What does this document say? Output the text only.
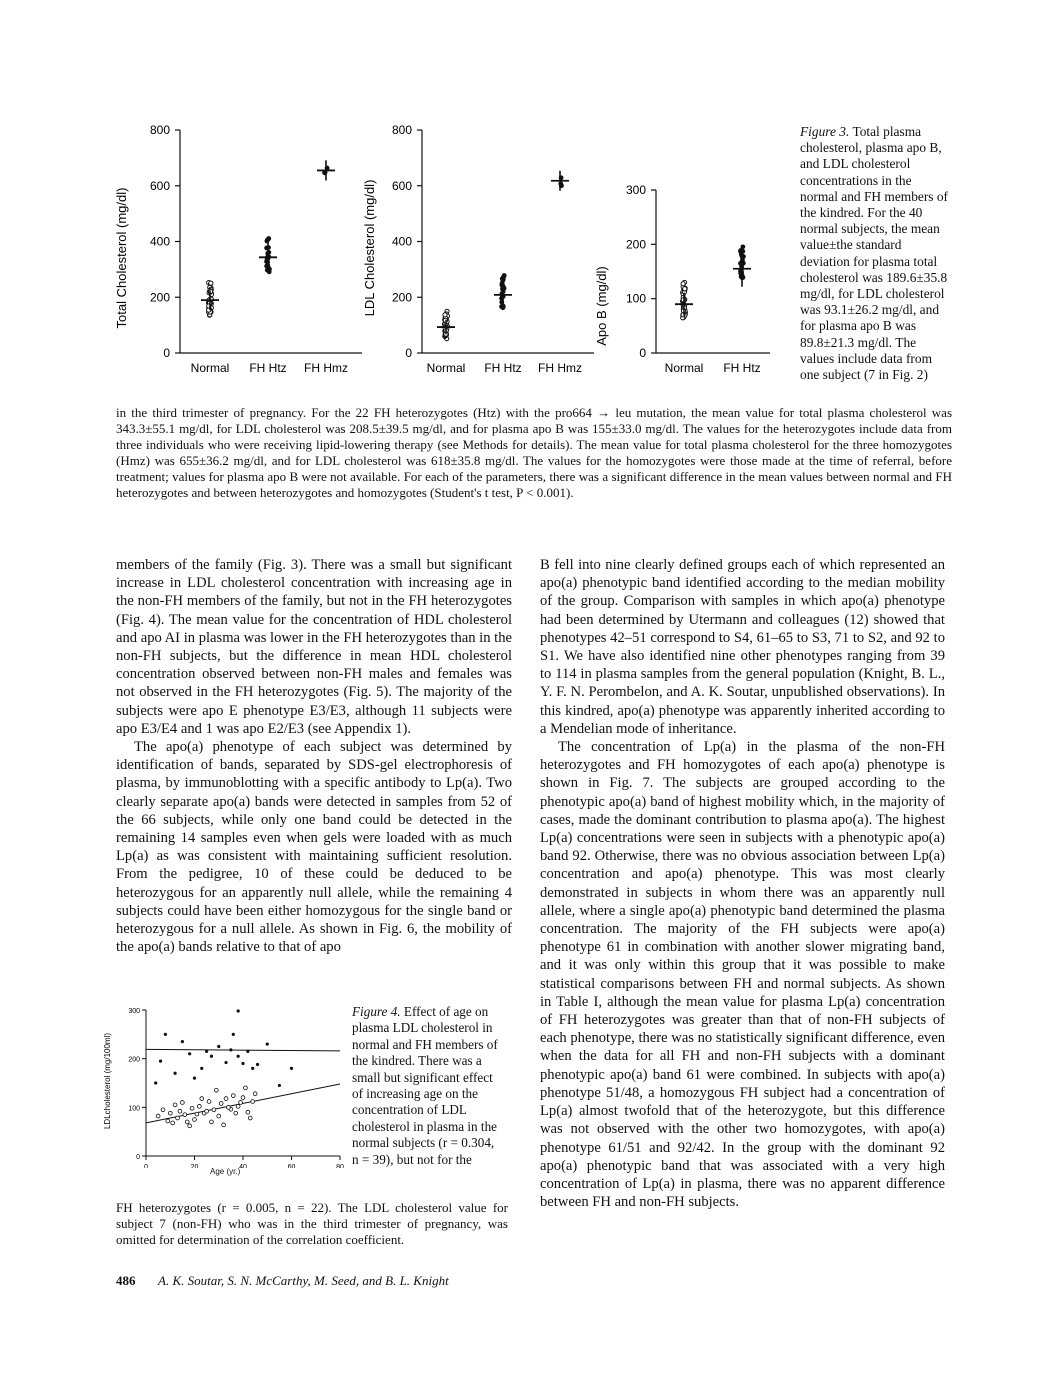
Total Cholesterol (mg/dl)
0
200
400
600
800
Normal FH Htz FH Hmz
LDL Cholesterol (mg/dl)
0
200
400
600
800
Normal FH Htz FH Hmz
Apo B (mg/dl)
0
100
200
300
Normal FH Htz
Figure 3. Total plasma cholesterol, plasma apo B, and LDL cholesterol concentrations in the normal and FH members of the kindred. For the 40 normal subjects, the mean value±the standard deviation for plasma total cholesterol was 189.6±35.8 mg/dl, for LDL cholesterol was 93.1±26.2 mg/dl, and for plasma apo B was 89.8±21.3 mg/dl. The values include data from one subject (7 in Fig. 2)
in the third trimester of pregnancy. For the 22 FH heterozygotes (Htz) with the pro664 → leu mutation, the mean value for total plasma cholesterol was 343.3±55.1 mg/dl, for LDL cholesterol was 208.5±39.5 mg/dl, and for plasma apo B was 155±33.0 mg/dl. The values for the heterozygotes include data from three individuals who were receiving lipid-lowering therapy (see Methods for details). The mean value for total plasma cholesterol for the three homozygotes (Hmz) was 655±36.2 mg/dl, and for LDL cholesterol was 618±35.8 mg/dl. The values for the homozygotes were those made at the time of referral, before treatment; values for plasma apo B were not available. For each of the parameters, there was a significant difference in the mean values between normal and FH heterozygotes and between heterozygotes and homozygotes (Student's t test, P < 0.001).

members of the family (Fig. 3). There was a small but significant increase in LDL cholesterol concentration with increasing age in the non-FH members of the family, but not in the FH heterozygotes (Fig. 4). The mean value for the concentration of HDL cholesterol and apo AI in plasma was lower in the FH heterozygotes than in the non-FH subjects, but the difference in mean HDL cholesterol concentration observed between non-FH males and females was not observed in the FH heterozygotes (Fig. 5). The majority of the subjects were apo E phenotype E3/E3, although 11 subjects were apo E3/E4 and 1 was apo E2/E3 (see Appendix 1).

The apo(a) phenotype of each subject was determined by identification of bands, separated by SDS-gel electrophoresis of plasma, by immunoblotting with a specific antibody to Lp(a). Two clearly separate apo(a) bands were detected in samples from 52 of the 66 subjects, while only one band could be detected in the remaining 14 samples even when gels were loaded with as much Lp(a) as was consistent with maintaining sufficient resolution. From the pedigree, 10 of these could be deduced to be heterozygous for an apparently null allele, while the remaining 4 subjects could have been either homozygous for the single band or heterozygous for a null allele. As shown in Fig. 6, the mobility of the apo(a) bands relative to that of apo

B fell into nine clearly defined groups each of which represented an apo(a) phenotypic band identified according to the median mobility of the group. Comparison with samples in which apo(a) phenotype had been determined by Utermann and colleagues (12) showed that phenotypes 42–51 correspond to S4, 61–65 to S3, 71 to S2, and 92 to S1. We have also identified nine other phenotypes ranging from 39 to 114 in plasma samples from the general population (Knight, B. L., Y. F. N. Perombelon, and A. K. Soutar, unpublished observations). In this kindred, apo(a) phenotype was apparently inherited according to a Mendelian mode of inheritance.

The concentration of Lp(a) in the plasma of the non-FH heterozygotes and FH homozygotes of each apo(a) phenotype is shown in Fig. 7. The subjects are grouped according to the phenotypic apo(a) band of highest mobility which, in the majority of cases, made the dominant contribution to plasma apo(a). The highest Lp(a) concentrations were seen in subjects with a phenotypic apo(a) band 92. Otherwise, there was no obvious association between Lp(a) concentration and apo(a) phenotype. This was most clearly demonstrated in subjects in whom there was an apparently null allele, where a single apo(a) phenotypic band determined the plasma concentration. The majority of the FH subjects were apo(a) phenotype 61 in combination with another slower migrating band, and it was only within this group that it was possible to make statistical comparisons between FH and normal subjects. As shown in Table I, although the mean value for plasma Lp(a) concentration of FH heterozygotes was greater than that of non-FH subjects of each phenotype, there was no statistically significant difference, even when the data for all FH and non-FH subjects with a dominant phenotypic apo(a) band 61 were combined. In subjects with apo(a) phenotype 51/48, a homozygous FH subject had a concentration of Lp(a) almost twofold that of the heterozygote, but this difference was not observed with the other two homozygotes, with apo(a) phenotype 61/51 and 92/42. In the group with the dominant 92 apo(a) phenotypic band that was associated with a very high concentration of Lp(a) in plasma, there was no apparent difference between FH and non-FH subjects.

LDLcholesterol (mg/100ml)
0	20	40	60	80
0
100
200
300
Age (yr.)
Figure 4. Effect of age on plasma LDL cholesterol in normal and FH members of the kindred. There was a small but significant effect of increasing age on the concentration of LDL cholesterol in plasma in the normal subjects (r = 0.304, n = 39), but not for the
FH heterozygotes (r = 0.005, n = 22). The LDL cholesterol value for subject 7 (non-FH) who was in the third trimester of pregnancy, was omitted for determination of the correlation coefficient.
486 A. K. Soutar, S. N. McCarthy, M. Seed, and B. L. Knight
